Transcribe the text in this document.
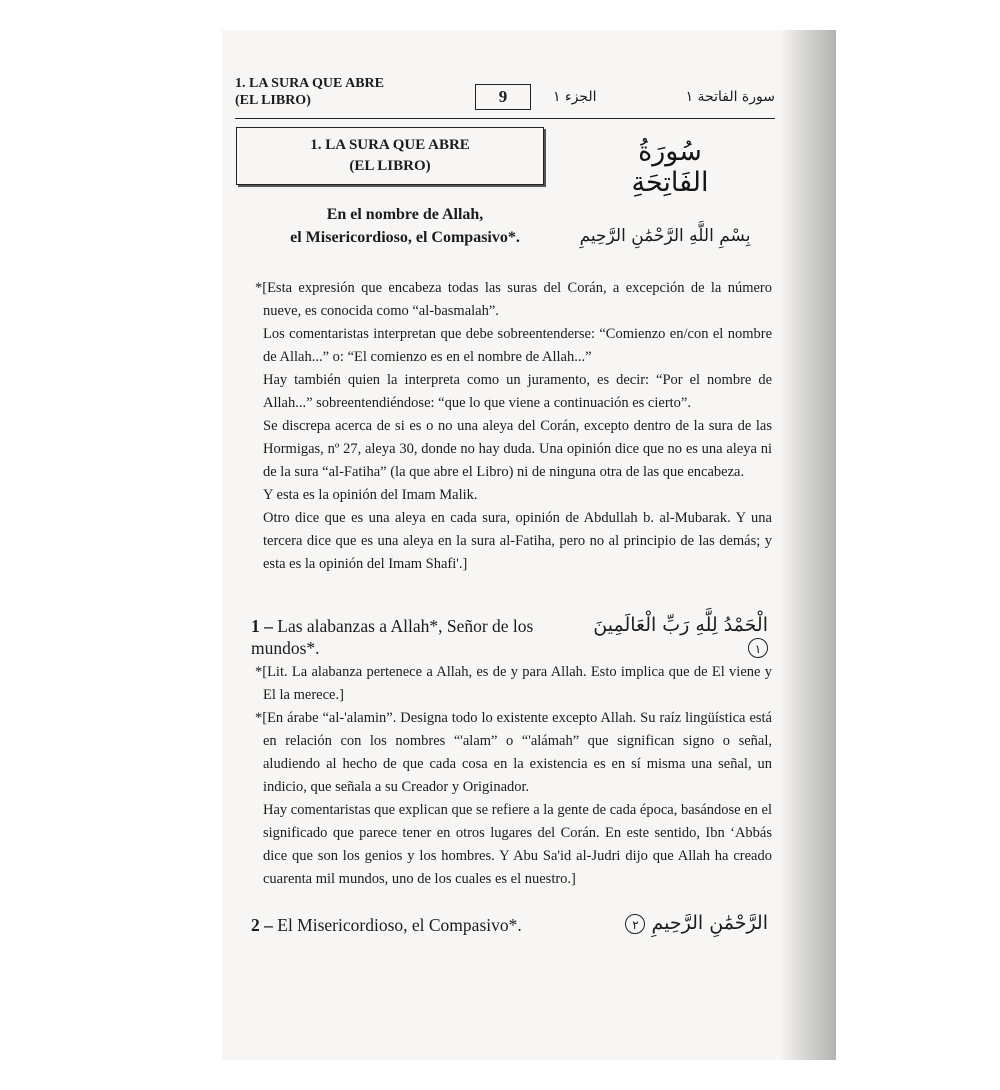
1. LA SURA QUE ABRE
(EL LIBRO)	9	الجزء ١	سورة الفاتحة ١
1. LA SURA QUE ABRE
(EL LIBRO)	سُورَةُ الفَاتِحَةِ
En el nombre de Allah,
el Misericordioso, el Compasivo*.	بِسْمِ اللَّهِ الرَّحْمَٰنِ الرَّحِيمِ

*[Esta expresión que encabeza todas las suras del Corán, a excepción de la número nueve, es conocida como “al-basmalah”.

Los comentaristas interpretan que debe sobreentenderse: “Comienzo en/con el nombre de Allah...” o: “El comienzo es en el nombre de Allah...”

Hay también quien la interpreta como un juramento, es decir: “Por el nombre de Allah...” sobreentendiéndose: “que lo que viene a continuación es cierto”.

Se discrepa acerca de si es o no una aleya del Corán, excepto dentro de la sura de las Hormigas, nº 27, aleya 30, donde no hay duda. Una opinión dice que no es una aleya ni de la sura “al-Fatiha” (la que abre el Libro) ni de ninguna otra de las que encabeza.

Y esta es la opinión del Imam Malik.

Otro dice que es una aleya en cada sura, opinión de Abdullah b. al-Mubarak. Y una tercera dice que es una aleya en la sura al-Fatiha, pero no al principio de las demás; y esta es la opinión del Imam Shafi'.]

1 – Las alabanzas a Allah*, Señor de los mundos*.
الْحَمْدُ لِلَّهِ رَبِّ الْعَالَمِينَ ١

*[Lit. La alabanza pertenece a Allah, es de y para Allah. Esto implica que de El viene y El la merece.]

*[En árabe “al-'alamin”. Designa todo lo existente excepto Allah. Su raíz lingüística está en relación con los nombres “'alam” o “'alámah” que significan signo o señal, aludiendo al hecho de que cada cosa en la existencia es en sí misma una señal, un indicio, que señala a su Creador y Originador.

Hay comentaristas que explican que se refiere a la gente de cada época, basándose en el significado que parece tener en otros lugares del Corán. En este sentido, Ibn ‘Abbás dice que son los genios y los hombres. Y Abu Sa'id al-Judri dijo que Allah ha creado cuarenta mil mundos, uno de los cuales es el nuestro.]

2 – El Misericordioso, el Compasivo*.	الرَّحْمَٰنِ الرَّحِيمِ ٢
